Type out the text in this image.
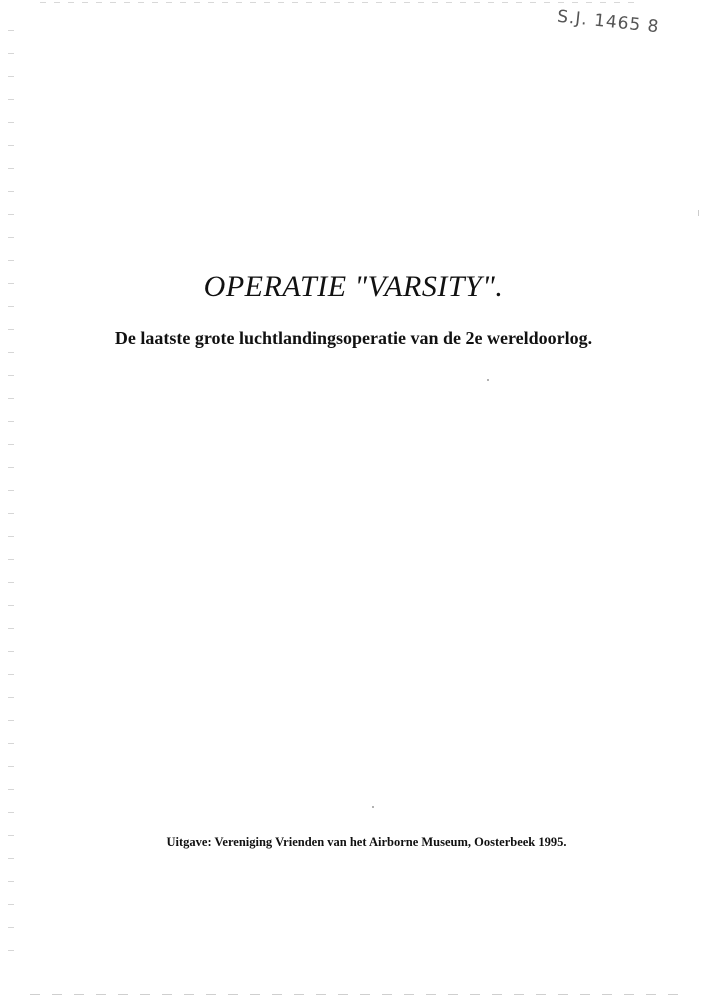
S.J. 1465 8
OPERATIE "VARSITY".
De laatste grote luchtlandingsoperatie van de 2e wereldoorlog.
Uitgave: Vereniging Vrienden van het Airborne Museum, Oosterbeek 1995.
